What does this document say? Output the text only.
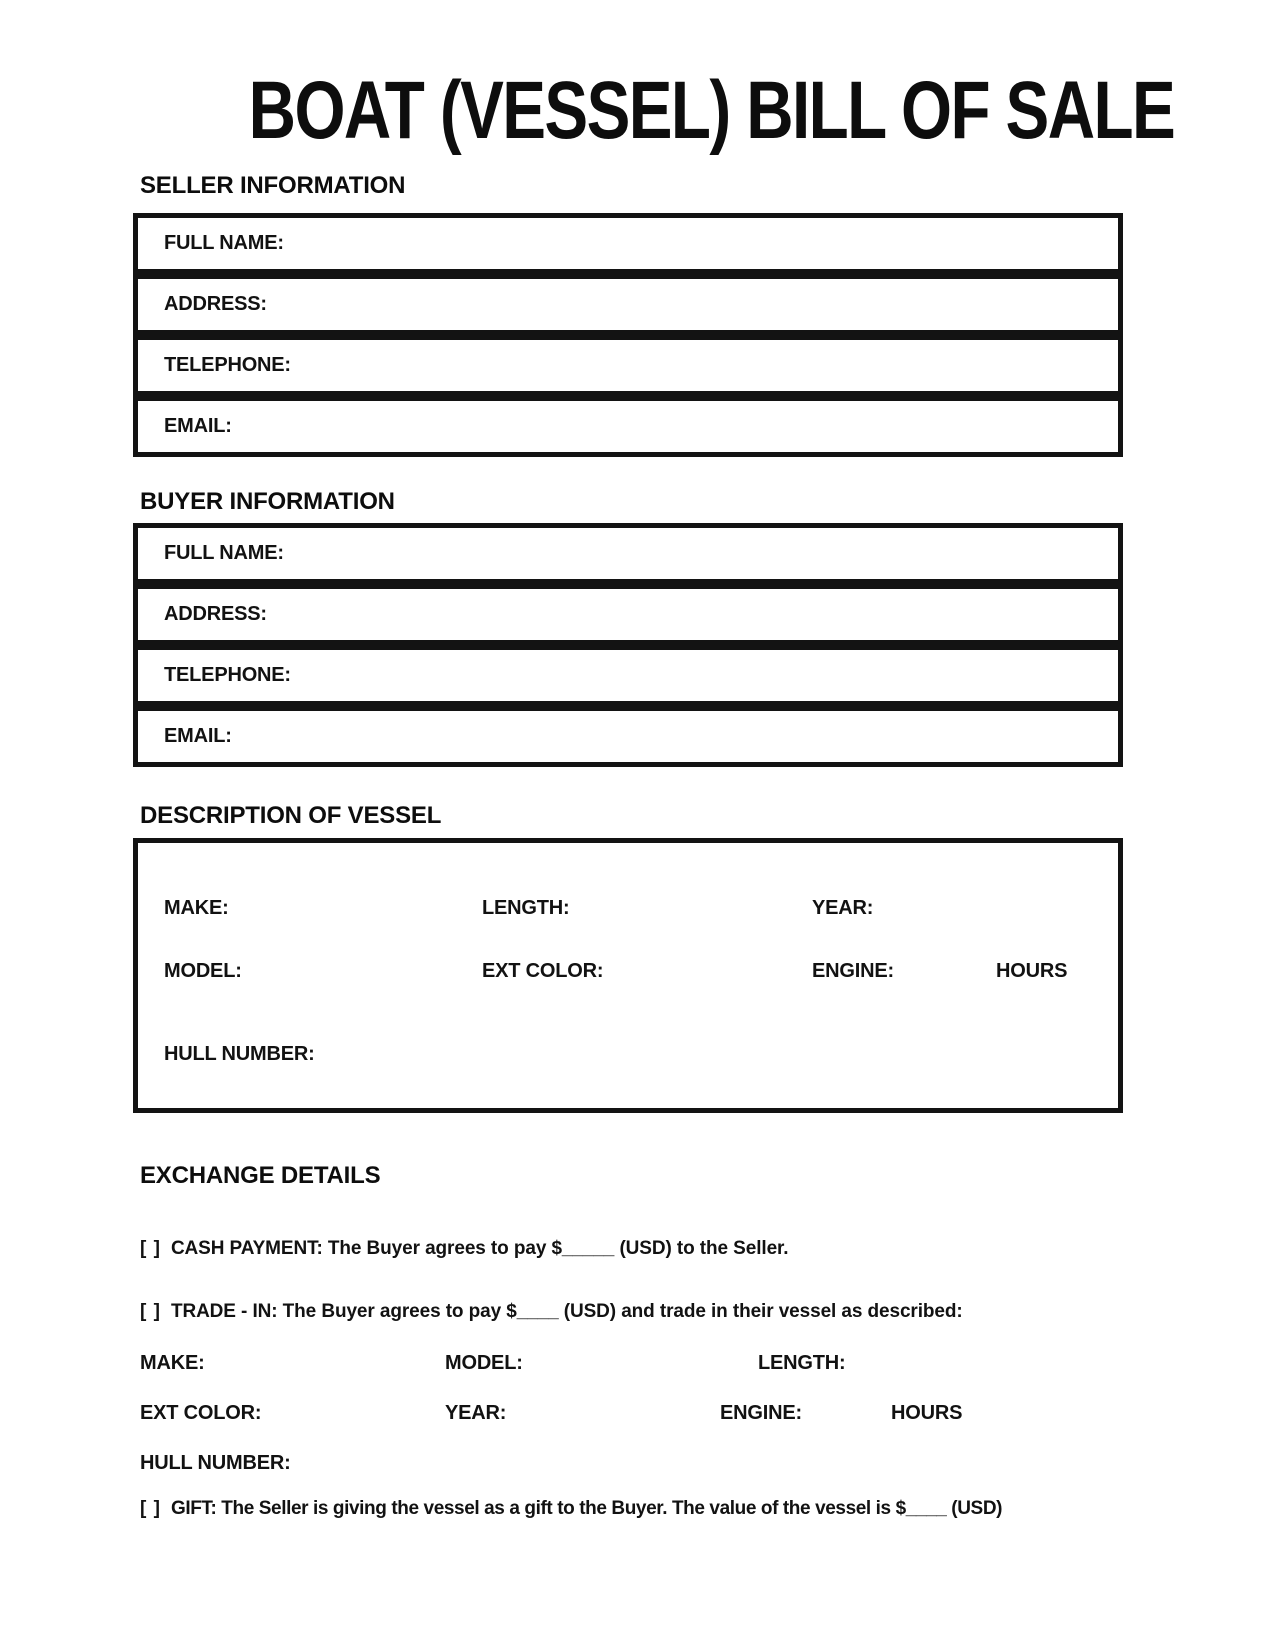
BOAT (VESSEL) BILL OF SALE
SELLER INFORMATION
FULL NAME:
ADDRESS:
TELEPHONE:
EMAIL:
BUYER INFORMATION
FULL NAME:
ADDRESS:
TELEPHONE:
EMAIL:
DESCRIPTION OF VESSEL
MAKE:	LENGTH:	YEAR:
MODEL:	EXT COLOR:	ENGINE:	HOURS
HULL NUMBER:
EXCHANGE DETAILS
[ ] CASH PAYMENT: The Buyer agrees to pay $_____ (USD) to the Seller.
[ ] TRADE - IN: The Buyer agrees to pay $____ (USD) and trade in their vessel as described:
MAKE:	MODEL:	LENGTH:
EXT COLOR:	YEAR:	ENGINE:	HOURS
HULL NUMBER:
[ ] GIFT: The Seller is giving the vessel as a gift to the Buyer. The value of the vessel is $____ (USD)
